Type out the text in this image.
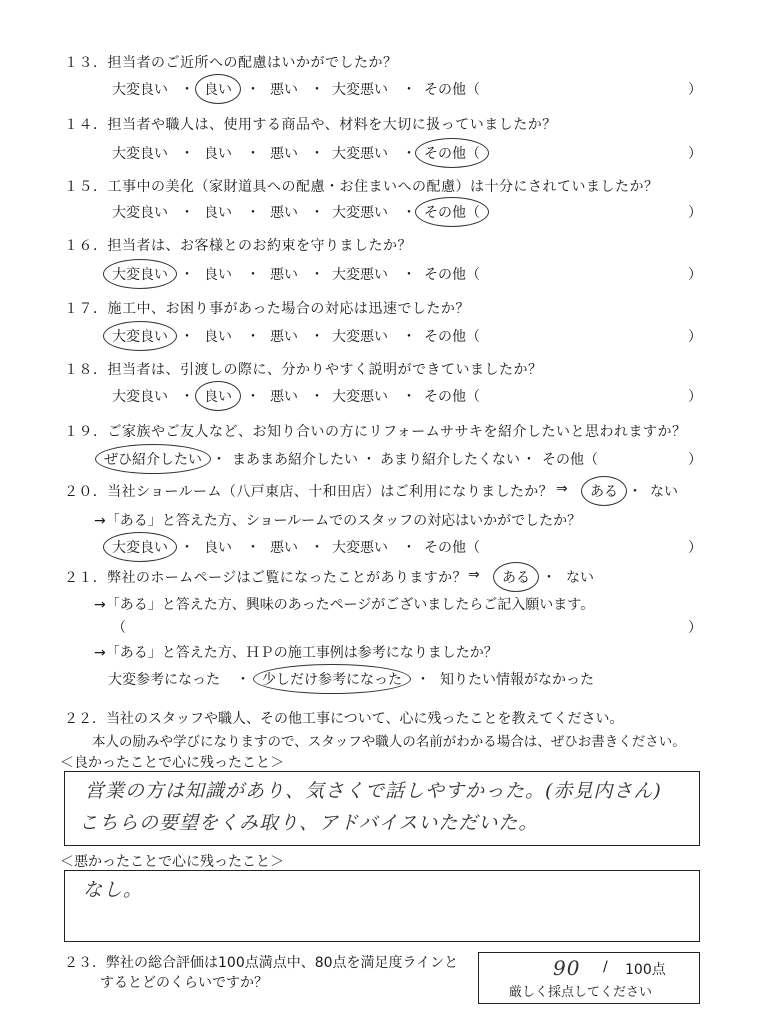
１３．担当者のご近所への配慮はいかがでしたか？
大変良い ・ 良い ・ 悪い ・ 大変悪い ・ その他（	）
１４．担当者や職人は、使用する商品や、材料を大切に扱っていましたか？
大変良い ・ 良い ・ 悪い ・ 大変悪い ・ その他（	）
１５．工事中の美化（家財道具への配慮・お住まいへの配慮）は十分にされていましたか？
大変良い ・ 良い ・ 悪い ・ 大変悪い ・ その他（	）
１６．担当者は、お客様とのお約束を守りましたか？
大変良い ・ 良い ・ 悪い ・ 大変悪い ・ その他（	）
１７．施工中、お困り事があった場合の対応は迅速でしたか？
大変良い ・ 良い ・ 悪い ・ 大変悪い ・ その他（	）
１８．担当者は、引渡しの際に、分かりやすく説明ができていましたか？
大変良い ・ 良い ・ 悪い ・ 大変悪い ・ その他（	）
１９．ご家族やご友人など、お知り合いの方にリフォームササキを紹介したいと思われますか？
ぜひ紹介したい ・ まあまあ紹介したい ・ あまり紹介したくない ・ その他（	）
２０．当社ショールーム（八戸東店、十和田店）はご利用になりましたか？ ⇒ ある ・ ない
→「ある」と答えた方、ショールームでのスタッフの対応はいかがでしたか？
大変良い ・ 良い ・ 悪い ・ 大変悪い ・ その他（	）
２１．弊社のホームページはご覧になったことがありますか？ ⇒ ある ・ ない
→「ある」と答えた方、興味のあったページがございましたらご記入願います。
（	）
→「ある」と答えた方、ＨＰの施工事例は参考になりましたか？
大変参考になった ・ 少しだけ参考になった ・ 知りたい情報がなかった
２２．当社のスタッフや職人、その他工事について、心に残ったことを教えてください。
本人の励みや学びになりますので、スタッフや職人の名前がわかる場合は、ぜひお書きください。
＜良かったことで心に残ったこと＞
営業の方は知識があり、気さくで話しやすかった。(赤見内さん)
こちらの要望をくみ取り、アドバイスいただいた。
＜悪かったことで心に残ったこと＞
なし。
２３．弊社の総合評価は100点満点中、80点を満足度ラインと
するとどのくらいですか？
90 / 100点
厳しく採点してください
